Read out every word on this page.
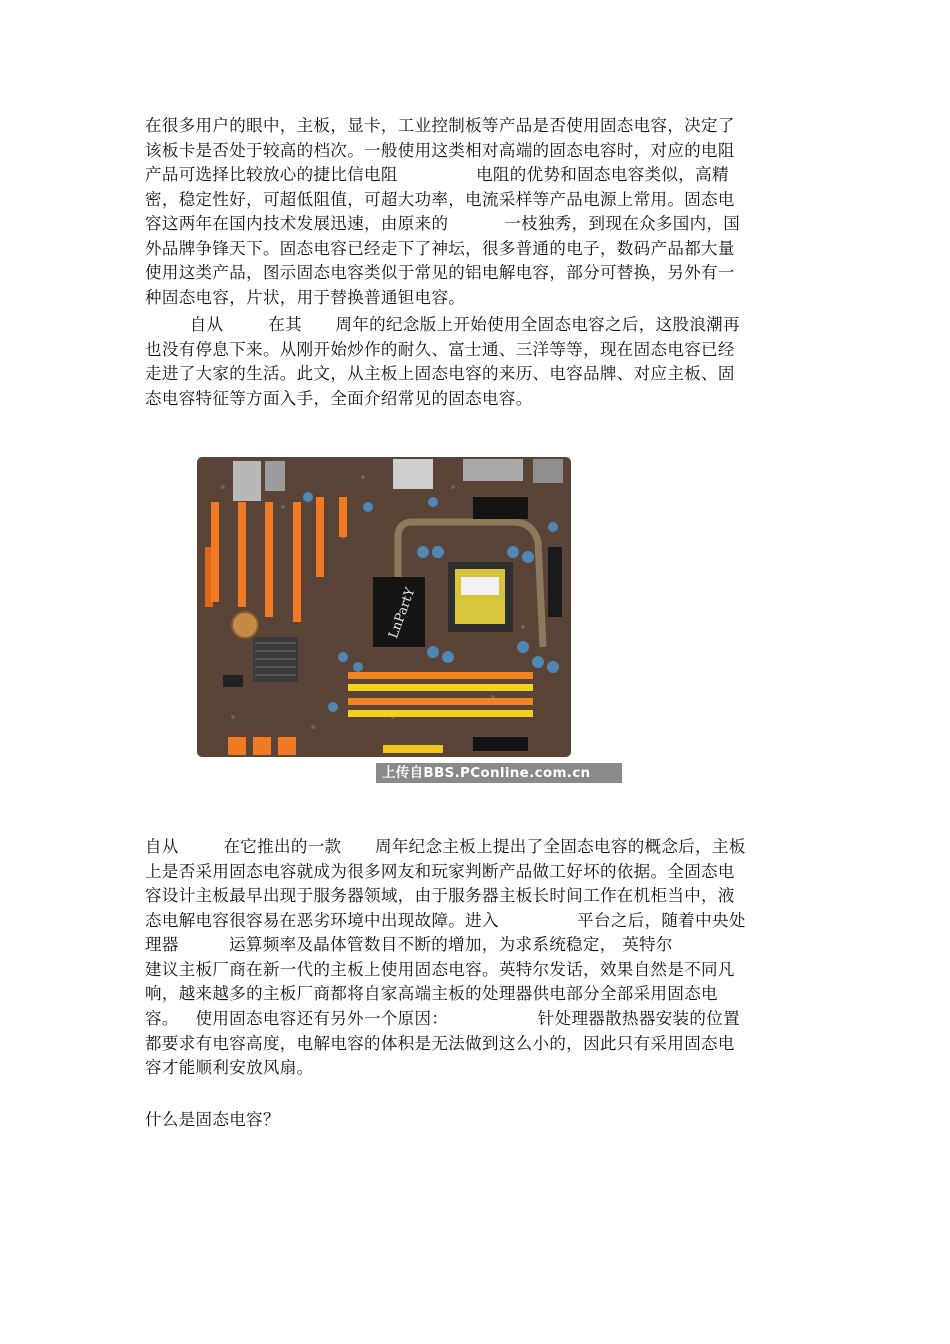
在很多用户的眼中，主板，显卡，工业控制板等产品是否使用固态电容，决定了
该板卡是否处于较高的档次。一般使用这类相对高端的固态电容时，对应的电阻
产品可选择比较放心的捷比信电阻              电阻的优势和固态电容类似，高精
密，稳定性好，可超低阻值，可超大功率，电流采样等产品电源上常用。固态电
容这两年在国内技术发展迅速，由原来的          一枝独秀，到现在众多国内，国
外品牌争锋天下。固态电容已经走下了神坛，很多普通的电子，数码产品都大量
使用这类产品，图示固态电容类似于常见的铝电解电容，部分可替换，另外有一
种固态电容，片状，用于替换普通钽电容。
自从        在其      周年的纪念版上开始使用全固态电容之后，这股浪潮再
也没有停息下来。从刚开始炒作的耐久、富士通、三洋等等，现在固态电容已经
走进了大家的生活。此文，从主板上固态电容的来历、电容品牌、对应主板、固
态电容特征等方面入手，全面介绍常见的固态电容。
LnPartY
上传自BBS.PConline.com.cn
自从        在它推出的一款      周年纪念主板上提出了全固态电容的概念后，主板
上是否采用固态电容就成为很多网友和玩家判断产品做工好坏的依据。全固态电
容设计主板最早出现于服务器领域，由于服务器主板长时间工作在机柜当中，液
态电解电容很容易在恶劣环境中出现故障。进入              平台之后，随着中央处
理器         运算频率及晶体管数目不断的增加，为求系统稳定， 英特尔
建议主板厂商在新一代的主板上使用固态电容。英特尔发话，效果自然是不同凡
响，越来越多的主板厂商都将自家高端主板的处理器供电部分全部采用固态电
容。   使用固态电容还有另外一个原因：                针处理器散热器安装的位置
都要求有电容高度，电解电容的体积是无法做到这么小的，因此只有采用固态电
容才能顺利安放风扇。
什么是固态电容？
